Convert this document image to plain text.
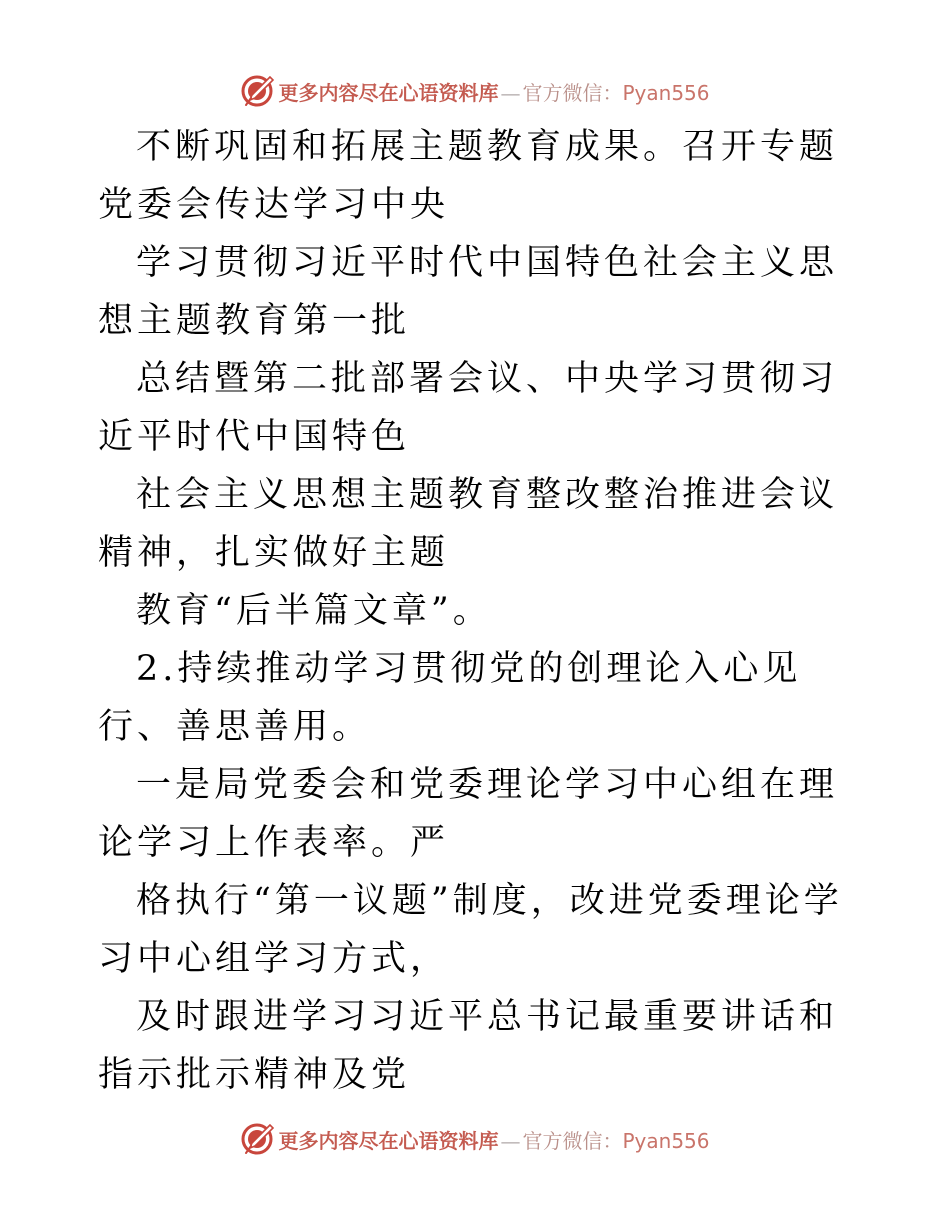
更多内容尽在心语资料库 — 官方微信：Pyan556

不断巩固和拓展主题教育成果。召开专题党委会传达学习中央

学习贯彻习近平时代中国特色社会主义思想主题教育第一批

总结暨第二批部署会议、中央学习贯彻习近平时代中国特色

社会主义思想主题教育整改整治推进会议精神，扎实做好主题

教育“后半篇文章”。

2.持续推动学习贯彻党的创理论入心见行、善思善用。

一是局党委会和党委理论学习中心组在理论学习上作表率。严

格执行“第一议题”制度，改进党委理论学习中心组学习方式，

及时跟进学习习近平总书记最重要讲话和指示批示精神及党

更多内容尽在心语资料库 — 官方微信：Pyan556
